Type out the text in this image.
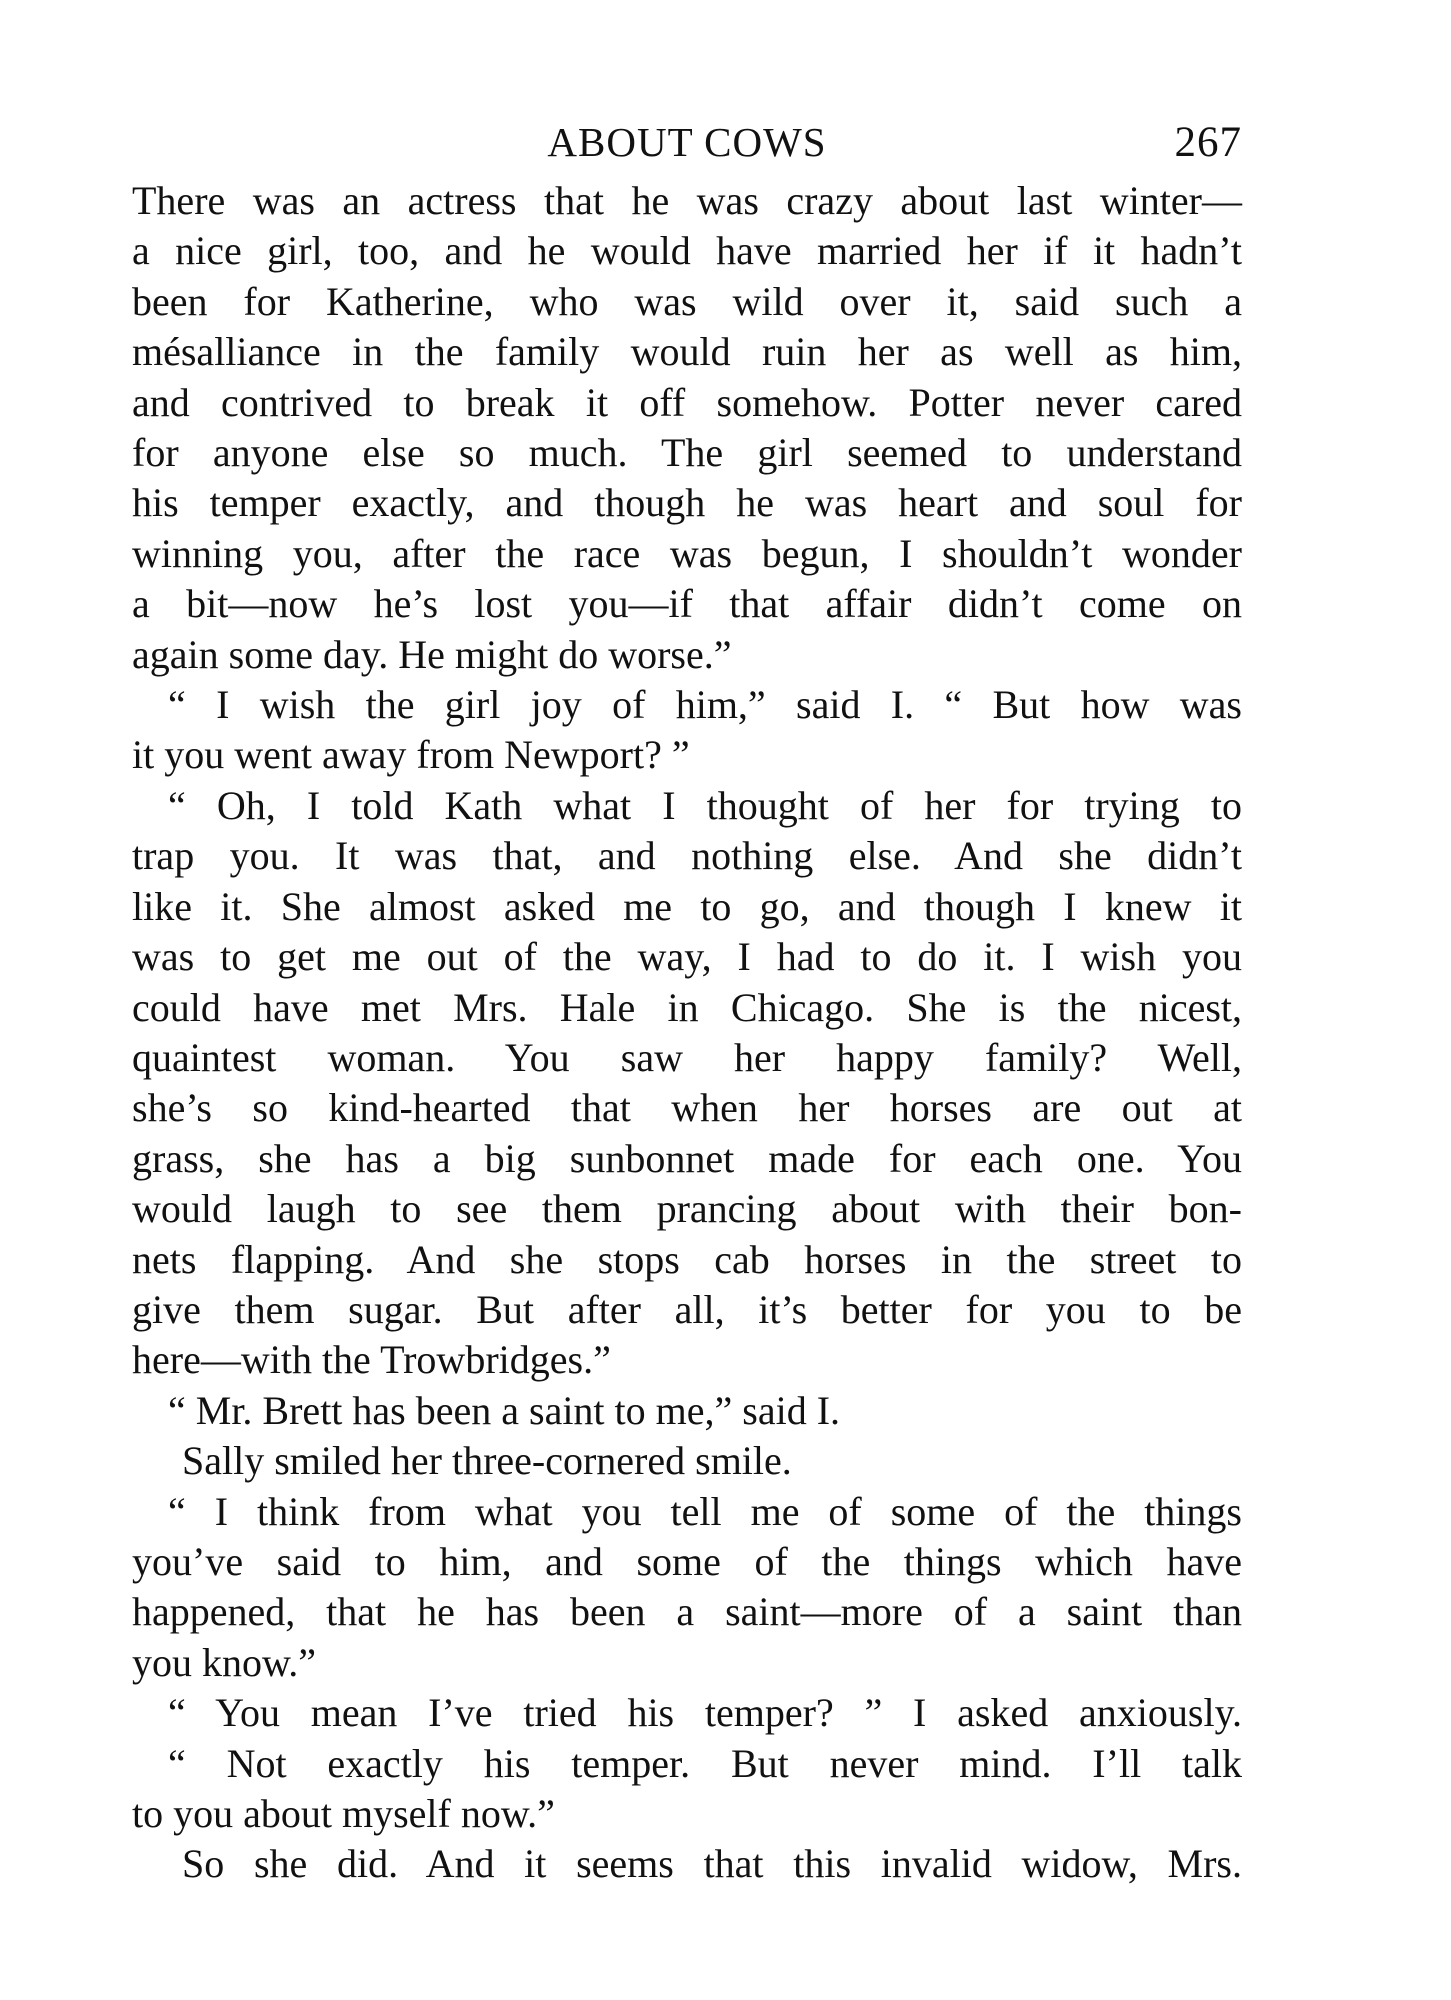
ABOUT COWS	267
There was an actress that he was crazy about last winter—
a nice girl, too, and he would have married her if it hadn’t
been for Katherine, who was wild over it, said such a
mésalliance in the family would ruin her as well as him,
and contrived to break it off somehow. Potter never cared
for anyone else so much. The girl seemed to understand
his temper exactly, and though he was heart and soul for
winning you, after the race was begun, I shouldn’t wonder
a bit—now he’s lost you—if that affair didn’t come on
again some day. He might do worse.”
“ I wish the girl joy of him,” said I. “ But how was
it you went away from Newport? ”
“ Oh, I told Kath what I thought of her for trying to
trap you. It was that, and nothing else. And she didn’t
like it. She almost asked me to go, and though I knew it
was to get me out of the way, I had to do it. I wish you
could have met Mrs. Hale in Chicago. She is the nicest,
quaintest woman. You saw her happy family? Well,
she’s so kind-hearted that when her horses are out at
grass, she has a big sunbonnet made for each one. You
would laugh to see them prancing about with their bon-
nets flapping. And she stops cab horses in the street to
give them sugar. But after all, it’s better for you to be
here—with the Trowbridges.”
“ Mr. Brett has been a saint to me,” said I.
Sally smiled her three-cornered smile.
“ I think from what you tell me of some of the things
you’ve said to him, and some of the things which have
happened, that he has been a saint—more of a saint than
you know.”
“ You mean I’ve tried his temper? ” I asked anxiously.
“ Not exactly his temper. But never mind. I’ll talk
to you about myself now.”
So she did. And it seems that this invalid widow, Mrs.
